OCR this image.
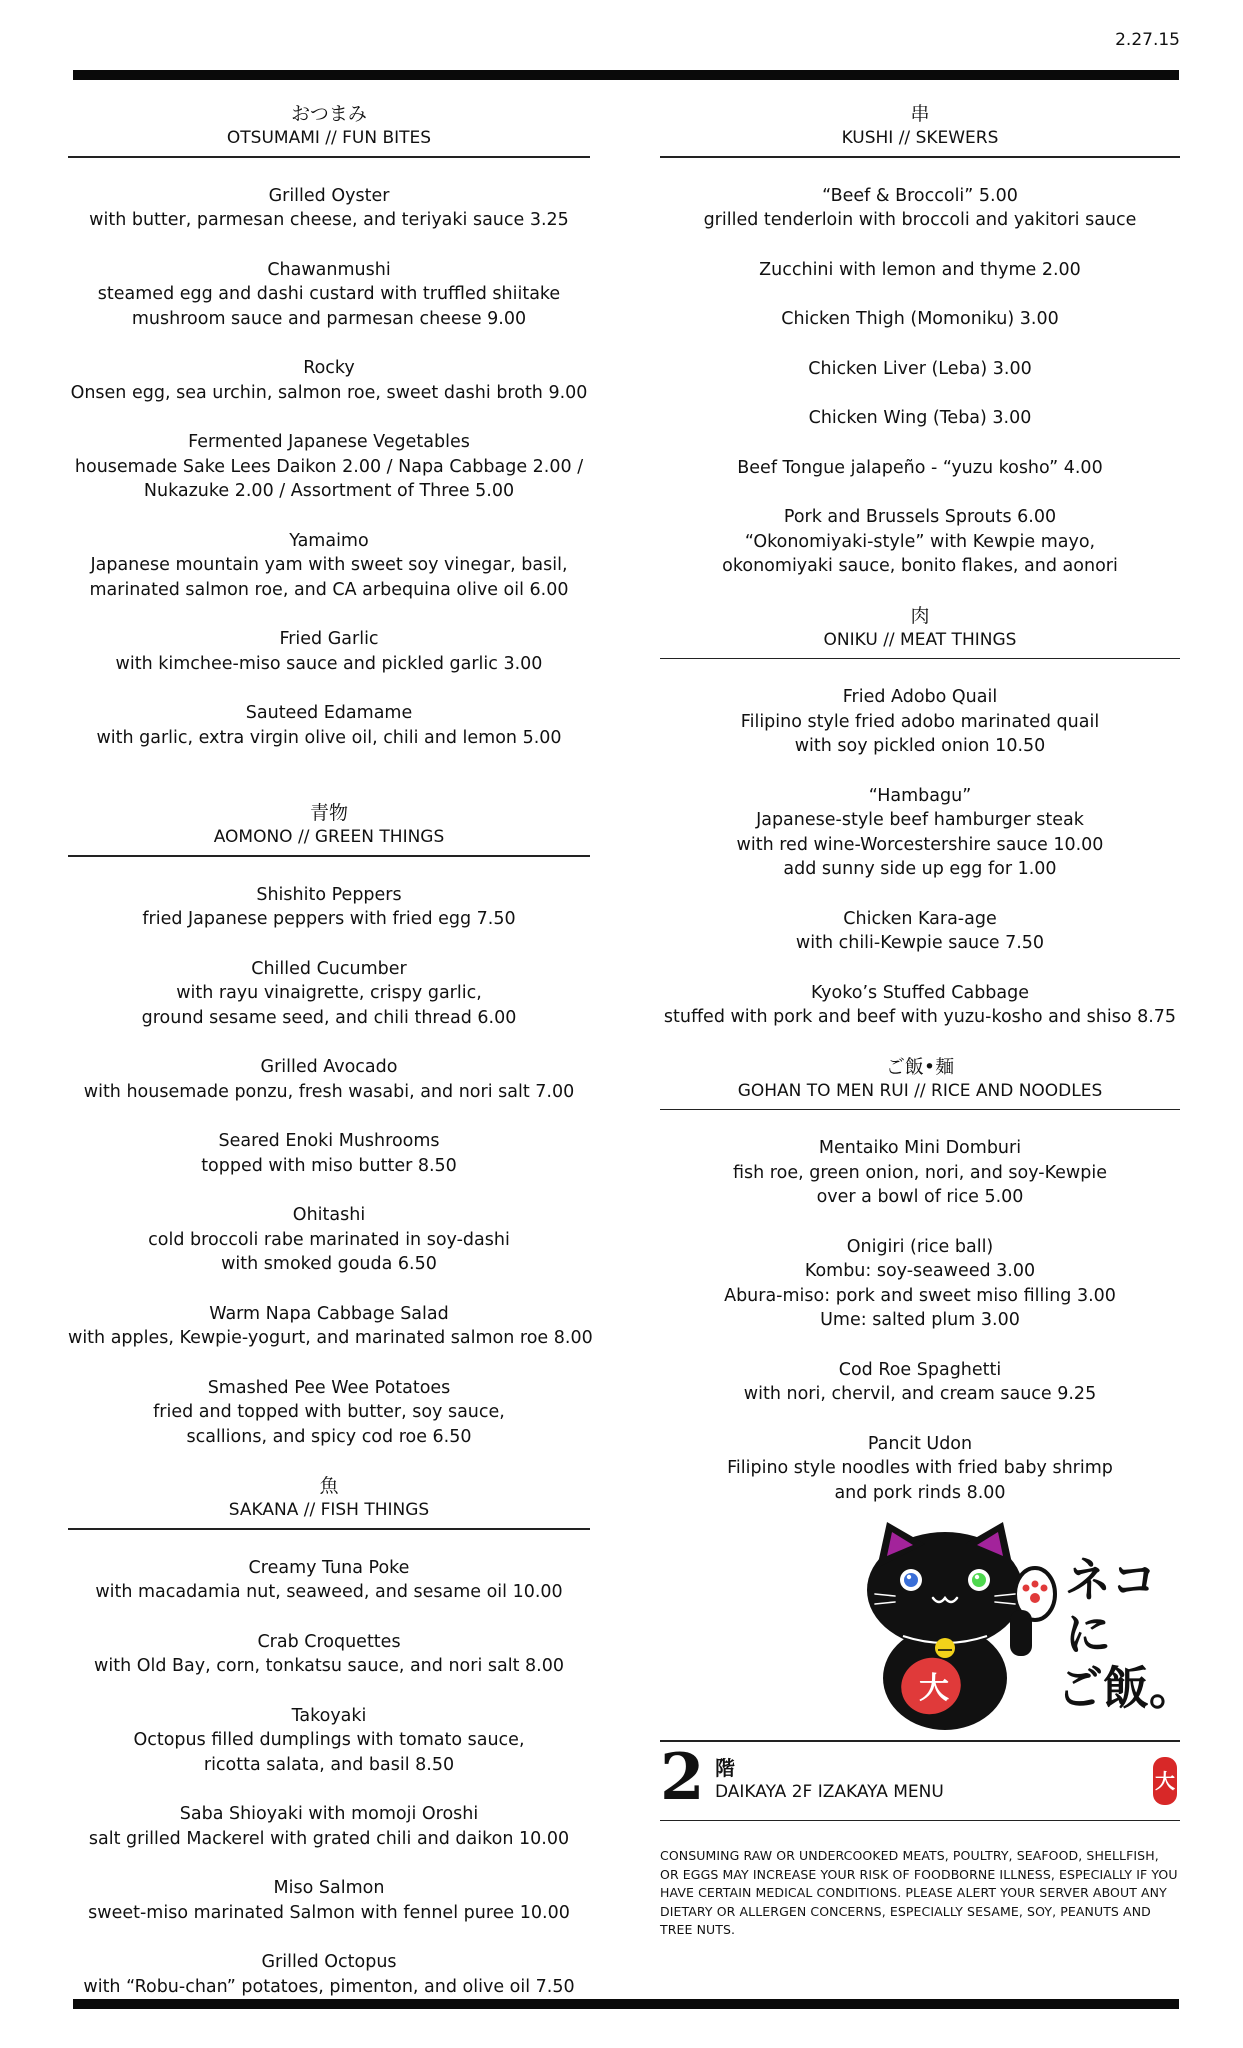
2.27.15
おつまみ
OTSUMAMI // FUN BITES
Grilled Oyster
with butter, parmesan cheese, and teriyaki sauce 3.25
Chawanmushi
steamed egg and dashi custard with truffled shiitake
mushroom sauce and parmesan cheese 9.00
Rocky
Onsen egg, sea urchin, salmon roe, sweet dashi broth 9.00
Fermented Japanese Vegetables
housemade Sake Lees Daikon 2.00 / Napa Cabbage 2.00 /
Nukazuke 2.00 / Assortment of Three 5.00
Yamaimo
Japanese mountain yam with sweet soy vinegar, basil,
marinated salmon roe, and CA arbequina olive oil 6.00
Fried Garlic
with kimchee-miso sauce and pickled garlic 3.00
Sauteed Edamame
with garlic, extra virgin olive oil, chili and lemon 5.00
青物
AOMONO // GREEN THINGS
Shishito Peppers
fried Japanese peppers with fried egg 7.50
Chilled Cucumber
with rayu vinaigrette, crispy garlic,
ground sesame seed, and chili thread 6.00
Grilled Avocado
with housemade ponzu, fresh wasabi, and nori salt 7.00
Seared Enoki Mushrooms
topped with miso butter 8.50
Ohitashi
cold broccoli rabe marinated in soy-dashi
with smoked gouda 6.50
Warm Napa Cabbage Salad
with apples, Kewpie-yogurt, and marinated salmon roe 8.00
Smashed Pee Wee Potatoes
fried and topped with butter, soy sauce,
scallions, and spicy cod roe 6.50
魚
SAKANA // FISH THINGS
Creamy Tuna Poke
with macadamia nut, seaweed, and sesame oil 10.00
Crab Croquettes
with Old Bay, corn, tonkatsu sauce, and nori salt 8.00
Takoyaki
Octopus filled dumplings with tomato sauce,
ricotta salata, and basil 8.50
Saba Shioyaki with momoji Oroshi
salt grilled Mackerel with grated chili and daikon 10.00
Miso Salmon
sweet-miso marinated Salmon with fennel puree 10.00
Grilled Octopus
with “Robu-chan” potatoes, pimenton, and olive oil 7.50
串
KUSHI // SKEWERS
“Beef & Broccoli” 5.00
grilled tenderloin with broccoli and yakitori sauce
Zucchini with lemon and thyme 2.00
Chicken Thigh (Momoniku) 3.00
Chicken Liver (Leba) 3.00
Chicken Wing (Teba) 3.00
Beef Tongue jalapeño - “yuzu kosho” 4.00
Pork and Brussels Sprouts 6.00
“Okonomiyaki-style” with Kewpie mayo,
okonomiyaki sauce, bonito flakes, and aonori
肉
ONIKU // MEAT THINGS
Fried Adobo Quail
Filipino style fried adobo marinated quail
with soy pickled onion 10.50
“Hambagu”
Japanese-style beef hamburger steak
with red wine-Worcestershire sauce 10.00
add sunny side up egg for 1.00
Chicken Kara-age
with chili-Kewpie sauce 7.50
Kyoko’s Stuffed Cabbage
stuffed with pork and beef with yuzu-kosho and shiso 8.75
ご飯•麺
GOHAN TO MEN RUI // RICE AND NOODLES
Mentaiko Mini Domburi
fish roe, green onion, nori, and soy-Kewpie
over a bowl of rice 5.00
Onigiri (rice ball)
Kombu: soy-seaweed 3.00
Abura-miso: pork and sweet miso filling 3.00
Ume: salted plum 3.00
Cod Roe Spaghetti
with nori, chervil, and cream sauce 9.25
Pancit Udon
Filipino style noodles with fried baby shrimp
and pork rinds 8.00
大
ネコ
に
ご飯。
2 階
DAIKAYA 2F IZAKAYA MENU	大
CONSUMING RAW OR UNDERCOOKED MEATS, POULTRY, SEAFOOD, SHELLFISH, OR EGGS MAY INCREASE YOUR RISK OF FOODBORNE ILLNESS, ESPECIALLY IF YOU HAVE CERTAIN MEDICAL CONDITIONS. PLEASE ALERT YOUR SERVER ABOUT ANY DIETARY OR ALLERGEN CONCERNS, ESPECIALLY SESAME, SOY, PEANUTS AND TREE NUTS.
